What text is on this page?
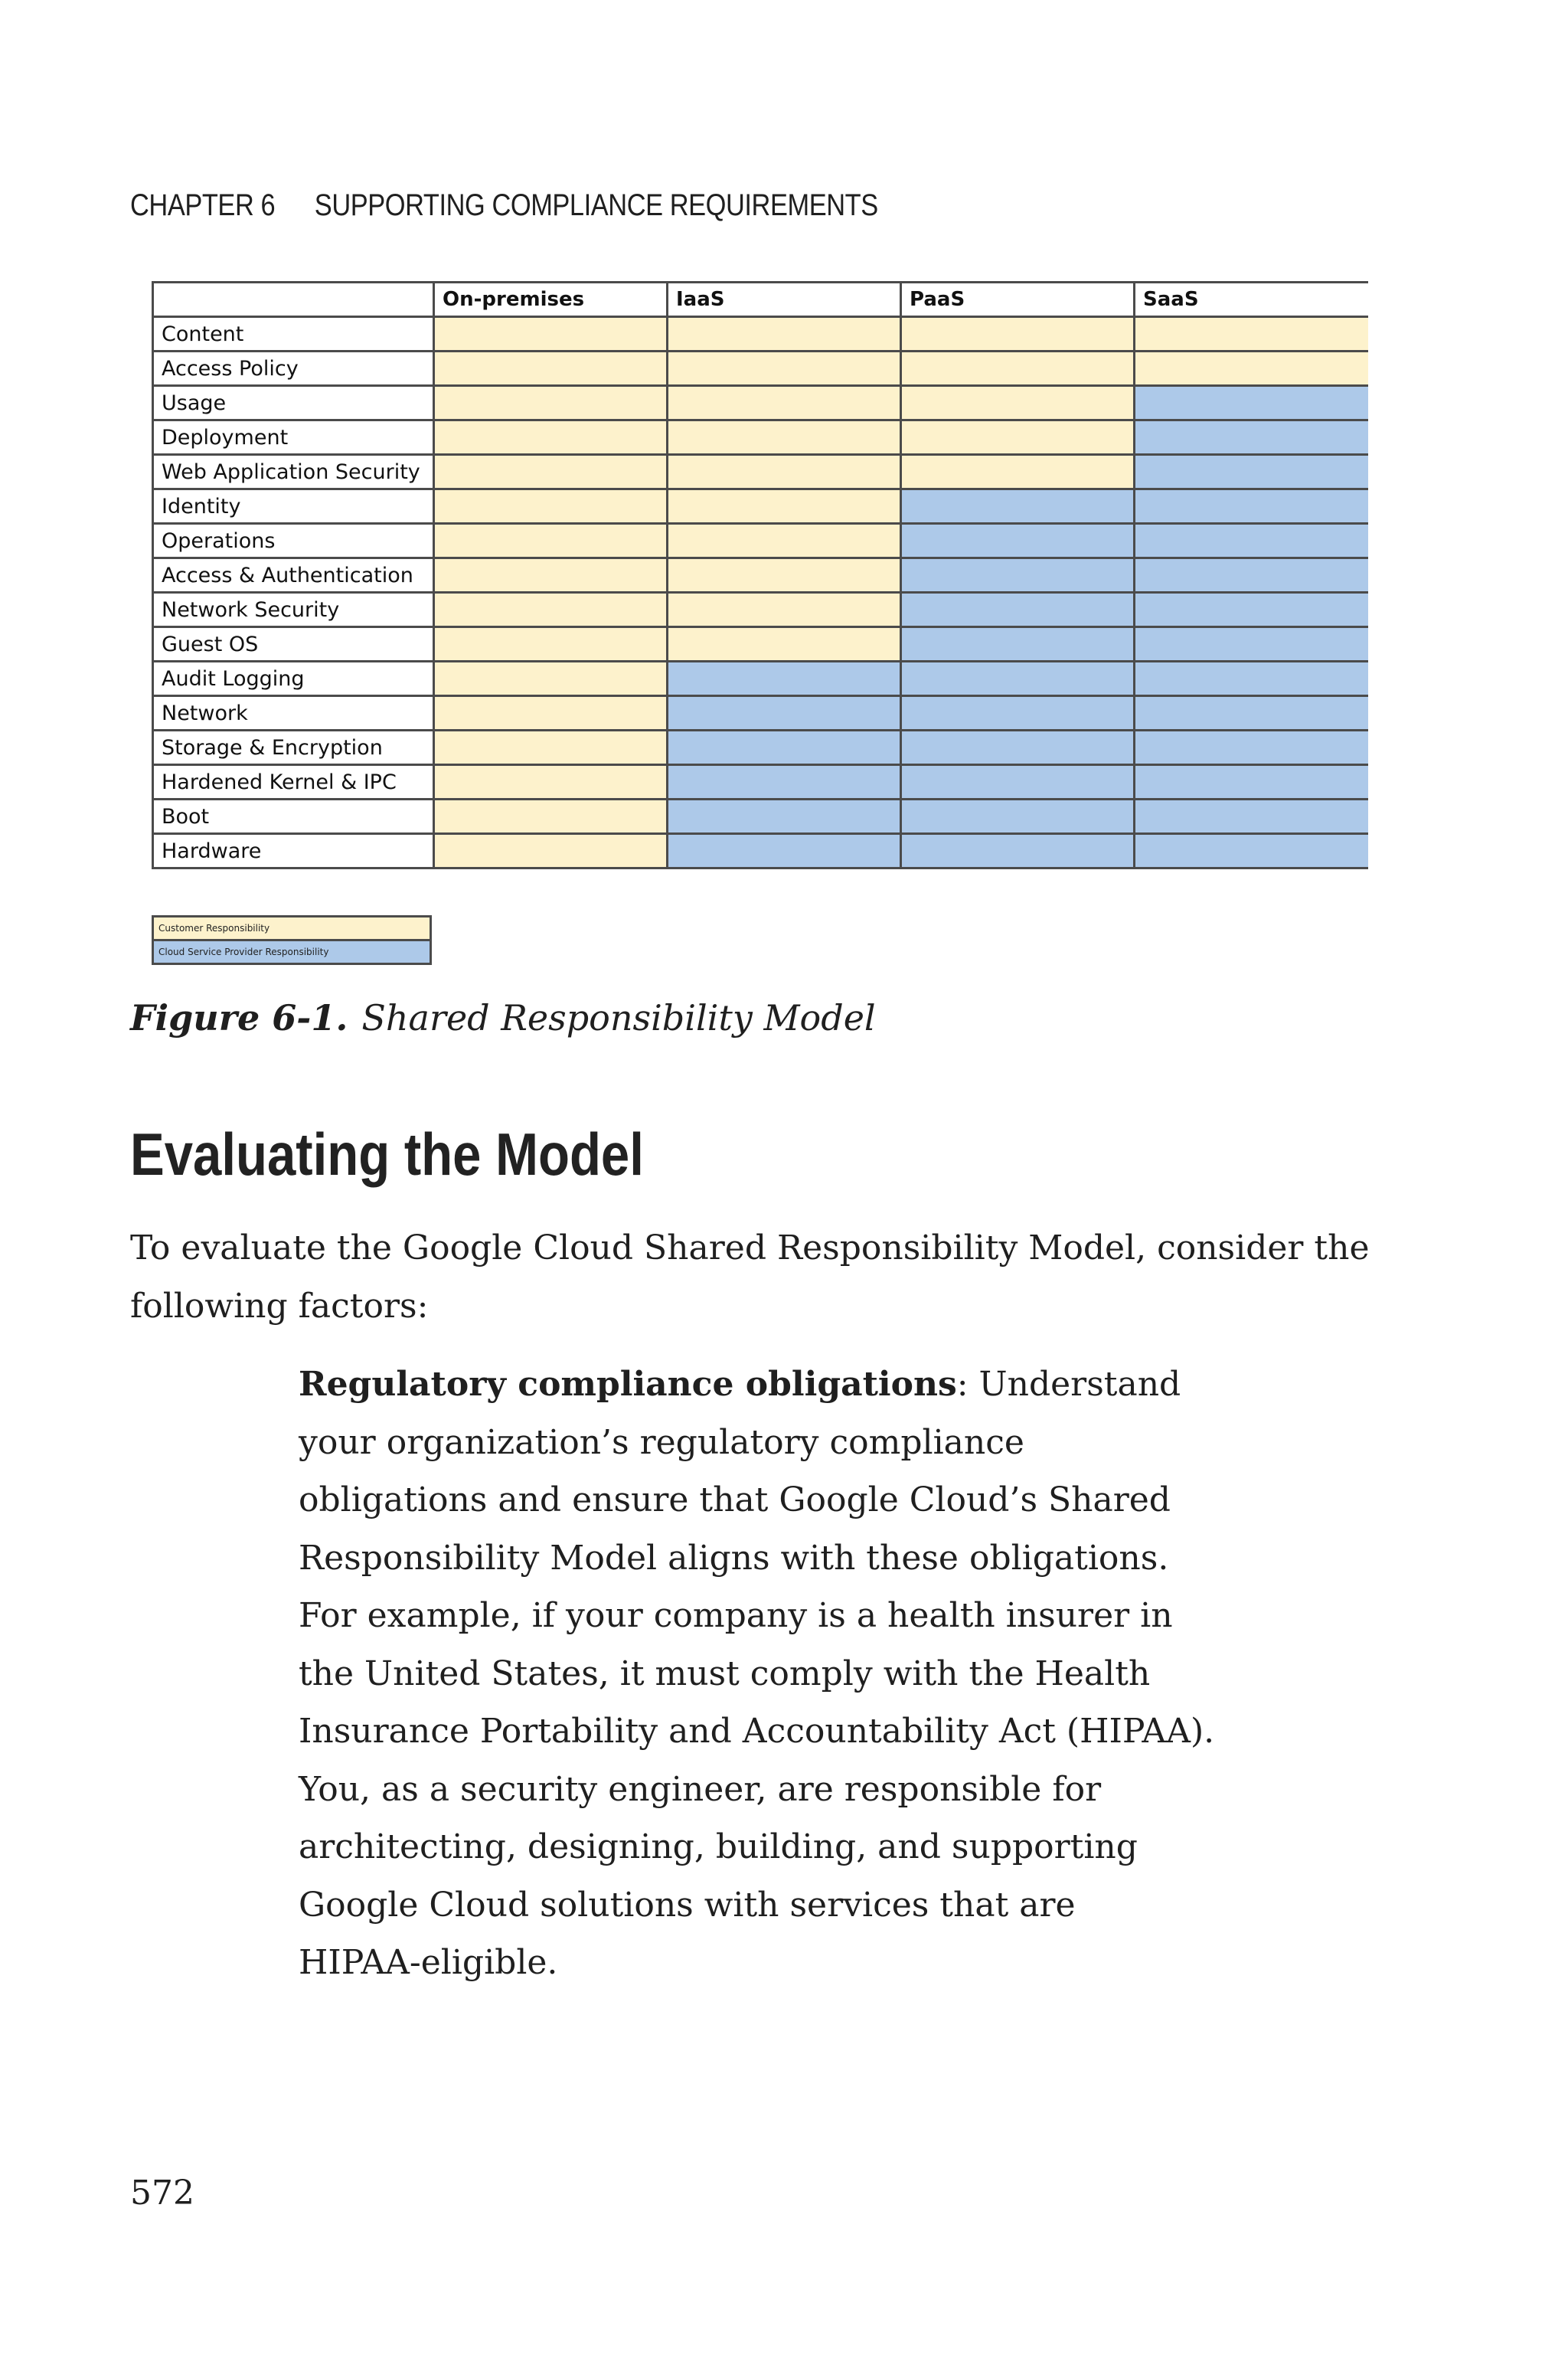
CHAPTER 6 SUPPORTING COMPLIANCE REQUIREMENTS
	On-premises	IaaS	PaaS	SaaS
Content				
Access Policy				
Usage				
Deployment				
Web Application Security				
Identity				
Operations				
Access & Authentication				
Network Security				
Guest OS				
Audit Logging				
Network				
Storage & Encryption				
Hardened Kernel & IPC				
Boot				
Hardware				
Customer Responsibility
Cloud Service Provider Responsibility
Figure 6-1. Shared Responsibility Model
Evaluating the Model
To evaluate the Google Cloud Shared Responsibility Model, consider the following factors:
Regulatory compliance obligations: Understand
your organization’s regulatory compliance
obligations and ensure that Google Cloud’s Shared
Responsibility Model aligns with these obligations.
For example, if your company is a health insurer in
the United States, it must comply with the Health
Insurance Portability and Accountability Act (HIPAA).
You, as a security engineer, are responsible for
architecting, designing, building, and supporting
Google Cloud solutions with services that are
HIPAA-eligible.
572
